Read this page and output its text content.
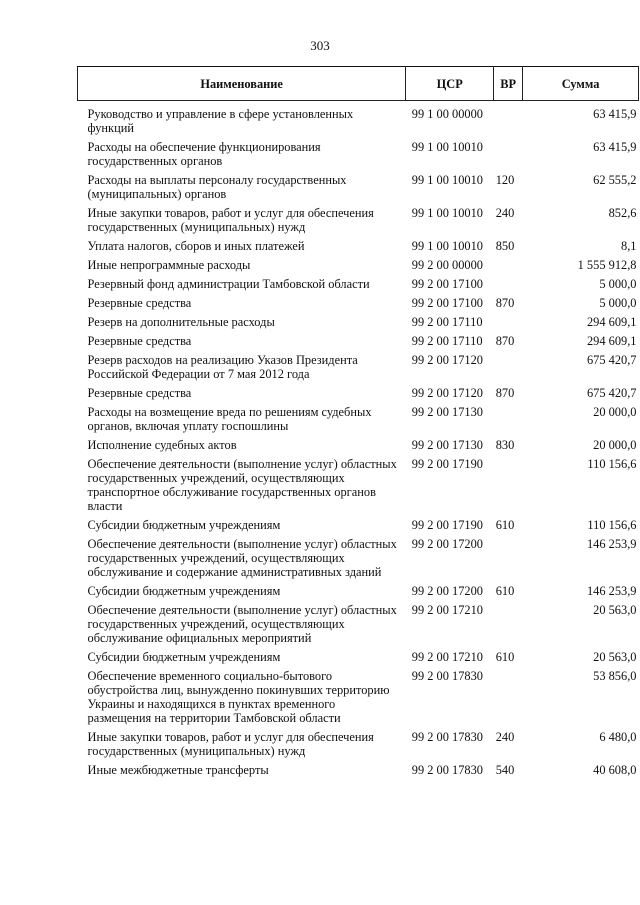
303
Наименование	ЦСР	ВР	Сумма
Руководство и управление в сфере установленных функций	99 1 00 00000		63 415,9
Расходы на обеспечение функционирования государственных органов	99 1 00 10010		63 415,9
Расходы на выплаты персоналу государственных (муниципальных) органов	99 1 00 10010	120	62 555,2
Иные закупки товаров, работ и услуг для обеспечения государственных (муниципальных) нужд	99 1 00 10010	240	852,6
Уплата налогов, сборов и иных платежей	99 1 00 10010	850	8,1
Иные непрограммные расходы	99 2 00 00000		1 555 912,8
Резервный фонд администрации Тамбовской области	99 2 00 17100		5 000,0
Резервные средства	99 2 00 17100	870	5 000,0
Резерв на дополнительные расходы	99 2 00 17110		294 609,1
Резервные средства	99 2 00 17110	870	294 609,1
Резерв расходов на реализацию Указов Президента Российской Федерации от 7 мая 2012 года	99 2 00 17120		675 420,7
Резервные средства	99 2 00 17120	870	675 420,7
Расходы на возмещение вреда по решениям судебных органов, включая уплату госпошлины	99 2 00 17130		20 000,0
Исполнение судебных актов	99 2 00 17130	830	20 000,0
Обеспечение деятельности (выполнение услуг) областных государственных учреждений, осуществляющих транспортное обслуживание государственных органов власти	99 2 00 17190		110 156,6
Субсидии бюджетным учреждениям	99 2 00 17190	610	110 156,6
Обеспечение деятельности (выполнение услуг) областных государственных учреждений, осуществляющих обслуживание и содержание административных зданий	99 2 00 17200		146 253,9
Субсидии бюджетным учреждениям	99 2 00 17200	610	146 253,9
Обеспечение деятельности (выполнение услуг) областных государственных учреждений, осуществляющих обслуживание официальных мероприятий	99 2 00 17210		20 563,0
Субсидии бюджетным учреждениям	99 2 00 17210	610	20 563,0
Обеспечение временного социально-бытового обустройства лиц, вынужденно покинувших территорию Украины и находящихся в пунктах временного размещения на территории Тамбовской области	99 2 00 17830		53 856,0
Иные закупки товаров, работ и услуг для обеспечения государственных (муниципальных) нужд	99 2 00 17830	240	6 480,0
Иные межбюджетные трансферты	99 2 00 17830	540	40 608,0
